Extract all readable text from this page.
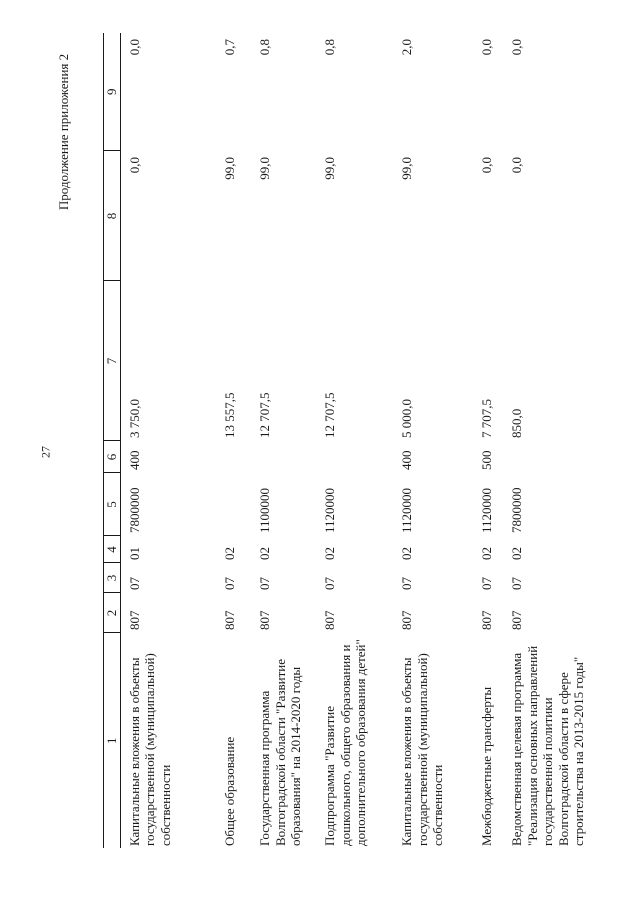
27
Продолжение приложения 2
1	2	3	4	5	6	7	8	9
Капитальные вложения в объекты государственной (муниципальной) собственности	807	07	01	7800000	400	3 750,0	0,0	0,0
Общее образование	807	07	02			13 557,5	99,0	0,7
Государственная программа Волгоградской области "Развитие образования" на 2014-2020 годы	807	07	02	1100000		12 707,5	99,0	0,8
Подпрограмма "Развитие дошкольного, общего образования и дополнительного образования детей"	807	07	02	1120000		12 707,5	99,0	0,8
Капитальные вложения в объекты государственной (муниципальной) собственности	807	07	02	1120000	400	5 000,0	99,0	2,0
Межбюджетные трансферты	807	07	02	1120000	500	7 707,5	0,0	0,0
Ведомственная целевая программа "Реализация основных направлений государственной политики Волгоградской области в сфере строительства на 2013-2015 годы"	807	07	02	7800000		850,0	0,0	0,0
